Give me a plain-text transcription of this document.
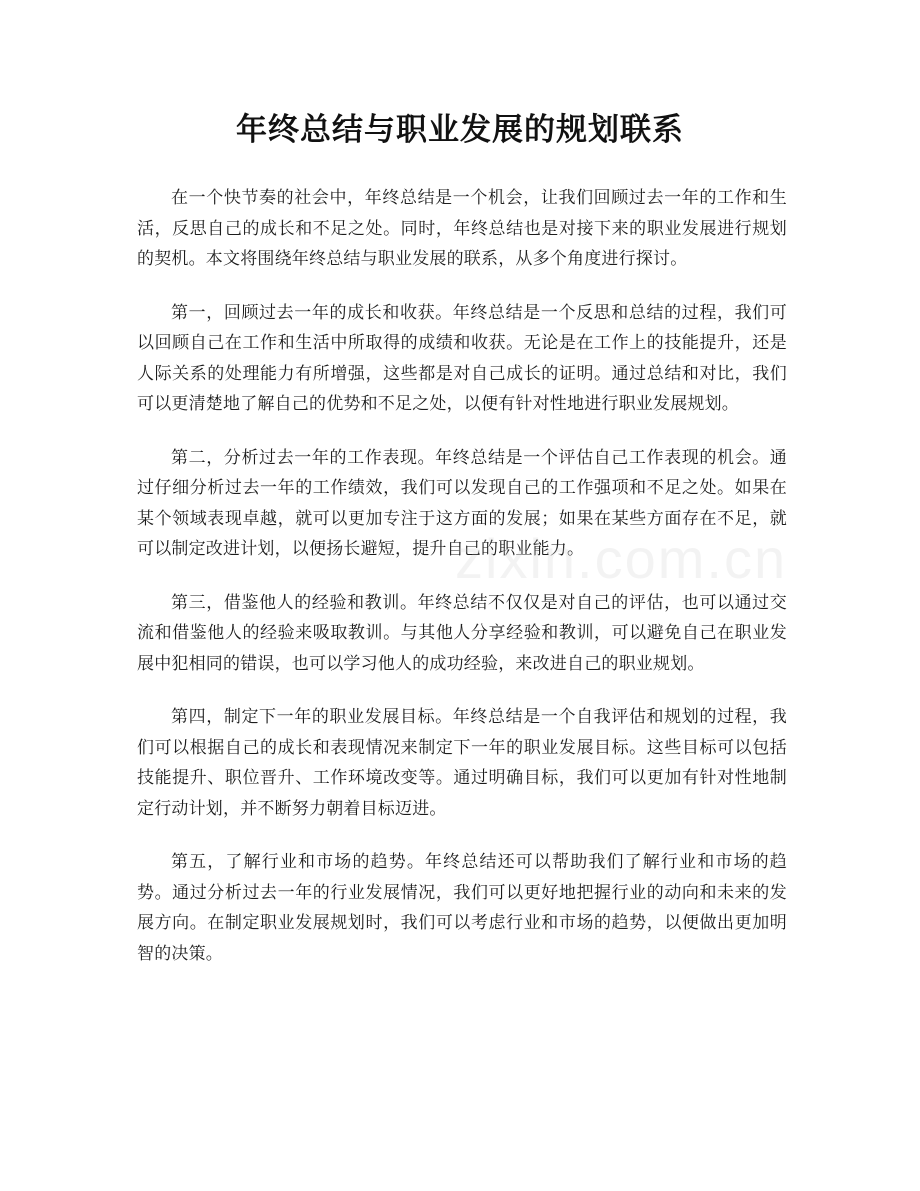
年终总结与职业发展的规划联系

在一个快节奏的社会中，年终总结是一个机会，让我们回顾过去一年的工作和生活，反思自己的成长和不足之处。同时，年终总结也是对接下来的职业发展进行规划的契机。本文将围绕年终总结与职业发展的联系，从多个角度进行探讨。

第一，回顾过去一年的成长和收获。年终总结是一个反思和总结的过程，我们可以回顾自己在工作和生活中所取得的成绩和收获。无论是在工作上的技能提升，还是人际关系的处理能力有所增强，这些都是对自己成长的证明。通过总结和对比，我们可以更清楚地了解自己的优势和不足之处，以便有针对性地进行职业发展规划。

第二，分析过去一年的工作表现。年终总结是一个评估自己工作表现的机会。通过仔细分析过去一年的工作绩效，我们可以发现自己的工作强项和不足之处。如果在某个领域表现卓越，就可以更加专注于这方面的发展；如果在某些方面存在不足，就可以制定改进计划，以便扬长避短，提升自己的职业能力。

第三，借鉴他人的经验和教训。年终总结不仅仅是对自己的评估，也可以通过交流和借鉴他人的经验来吸取教训。与其他人分享经验和教训，可以避免自己在职业发展中犯相同的错误，也可以学习他人的成功经验，来改进自己的职业规划。

第四，制定下一年的职业发展目标。年终总结是一个自我评估和规划的过程，我们可以根据自己的成长和表现情况来制定下一年的职业发展目标。这些目标可以包括技能提升、职位晋升、工作环境改变等。通过明确目标，我们可以更加有针对性地制定行动计划，并不断努力朝着目标迈进。

第五，了解行业和市场的趋势。年终总结还可以帮助我们了解行业和市场的趋势。通过分析过去一年的行业发展情况，我们可以更好地把握行业的动向和未来的发展方向。在制定职业发展规划时，我们可以考虑行业和市场的趋势，以便做出更加明智的决策。

zixin.com.cn
